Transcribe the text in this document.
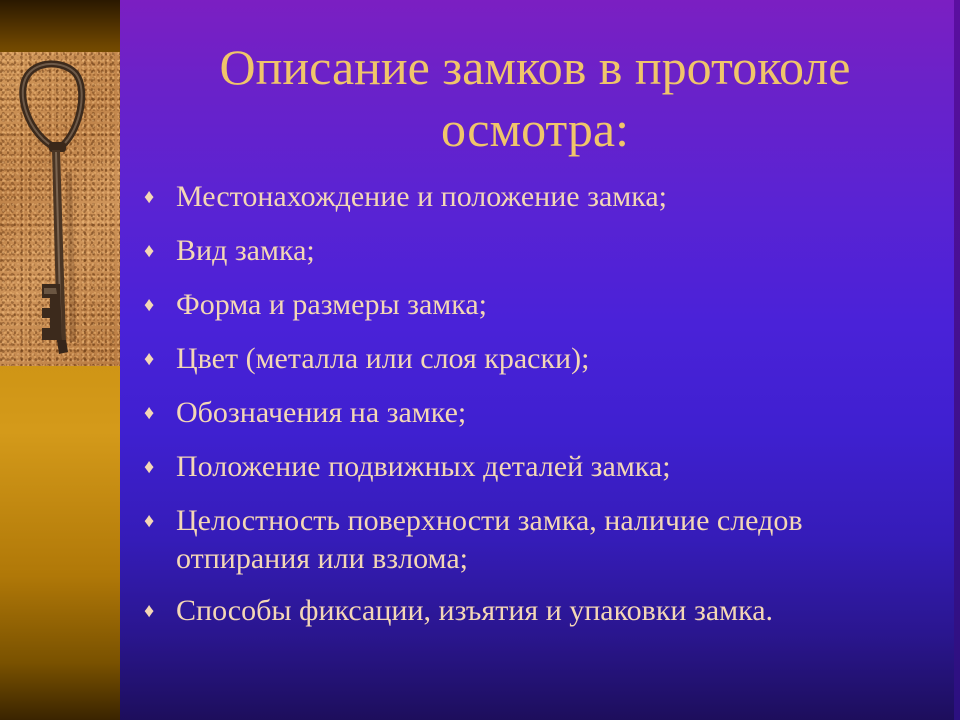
Описание замков в протоколе осмотра:
♦ Местонахождение и положение замка;
♦ Вид замка;
♦ Форма и размеры замка;
♦ Цвет (металла или слоя краски);
♦ Обозначения на замке;
♦ Положение подвижных деталей замка;
♦ Целостность поверхности замка, наличие следов отпирания или взлома;
♦ Способы фиксации, изъятия и упаковки замка.
